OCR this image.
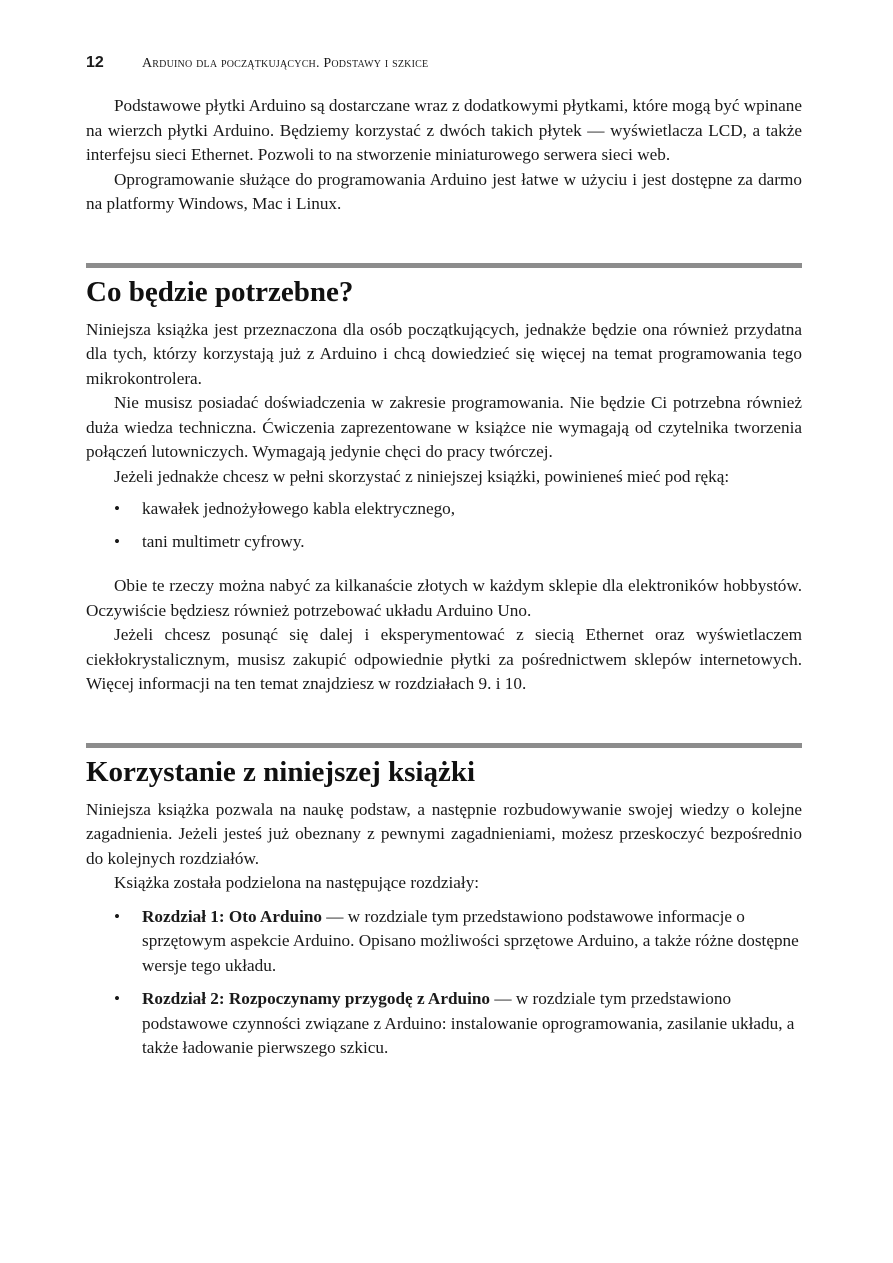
12	Arduino dla początkujących. Podstawy i szkice

Podstawowe płytki Arduino są dostarczane wraz z dodatkowymi płytkami, które mogą być wpinane na wierzch płytki Arduino. Będziemy korzystać z dwóch takich płytek — wyświetlacza LCD, a także interfejsu sieci Ethernet. Pozwoli to na stworzenie miniaturowego serwera sieci web.

Oprogramowanie służące do programowania Arduino jest łatwe w użyciu i jest dostępne za darmo na platformy Windows, Mac i Linux.

Co będzie potrzebne?

Niniejsza książka jest przeznaczona dla osób początkujących, jednakże będzie ona również przydatna dla tych, którzy korzystają już z Arduino i chcą dowiedzieć się więcej na temat programowania tego mikrokontrolera.

Nie musisz posiadać doświadczenia w zakresie programowania. Nie będzie Ci potrzebna również duża wiedza techniczna. Ćwiczenia zaprezentowane w książce nie wymagają od czytelnika tworzenia połączeń lutowniczych. Wymagają jedynie chęci do pracy twórczej.

Jeżeli jednakże chcesz w pełni skorzystać z niniejszej książki, powinieneś mieć pod ręką:

• kawałek jednożyłowego kabla elektrycznego,
• tani multimetr cyfrowy.

Obie te rzeczy można nabyć za kilkanaście złotych w każdym sklepie dla elektroników hobbystów. Oczywiście będziesz również potrzebować układu Arduino Uno.

Jeżeli chcesz posunąć się dalej i eksperymentować z siecią Ethernet oraz wyświetlaczem ciekłokrystalicznym, musisz zakupić odpowiednie płytki za pośrednictwem sklepów internetowych. Więcej informacji na ten temat znajdziesz w rozdziałach 9. i 10.

Korzystanie z niniejszej książki

Niniejsza książka pozwala na naukę podstaw, a następnie rozbudowywanie swojej wiedzy o kolejne zagadnienia. Jeżeli jesteś już obeznany z pewnymi zagadnieniami, możesz przeskoczyć bezpośrednio do kolejnych rozdziałów.

Książka została podzielona na następujące rozdziały:

• Rozdział 1: Oto Arduino — w rozdziale tym przedstawiono podstawowe informacje o sprzętowym aspekcie Arduino. Opisano możliwości sprzętowe Arduino, a także różne dostępne wersje tego układu.
• Rozdział 2: Rozpoczynamy przygodę z Arduino — w rozdziale tym przedstawiono podstawowe czynności związane z Arduino: instalowanie oprogramowania, zasilanie układu, a także ładowanie pierwszego szkicu.
